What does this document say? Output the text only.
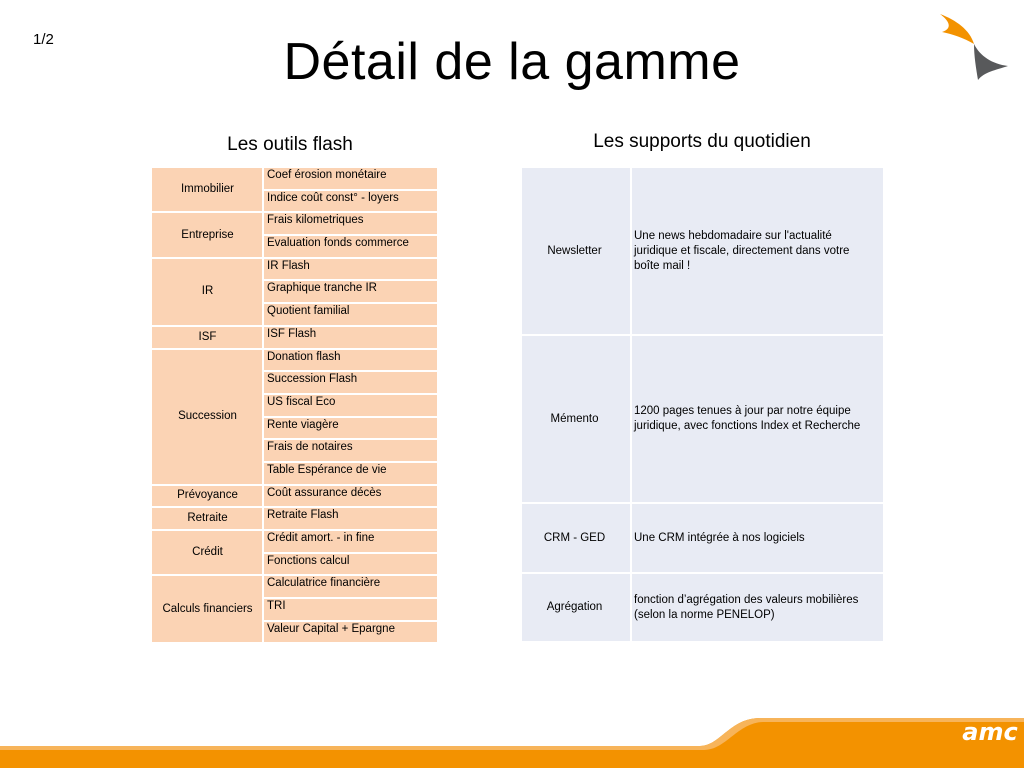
1/2	Détail de la gamme
Les outils flash	Les supports du quotidien
Immobilier	Coef érosion monétaire
	Indice coût const° - loyers
Entreprise	Frais kilometriques
	Evaluation fonds commerce
IR	IR Flash
	Graphique tranche IR
	Quotient familial
ISF	ISF Flash
Succession	Donation flash
	Succession Flash
	US fiscal Eco
	Rente viagère
	Frais de notaires
	Table Espérance de vie
Prévoyance	Coût assurance décès
Retraite	Retraite Flash
Crédit	Crédit amort. - in fine
	Fonctions calcul
Calculs financiers	Calculatrice financière
	TRI
	Valeur Capital + Epargne
Newsletter	Une news hebdomadaire sur l'actualité juridique et fiscale, directement dans votre boîte mail !
Mémento	1200 pages tenues à jour par notre équipe juridique, avec fonctions Index et Recherche
CRM - GED	Une CRM intégrée à nos logiciels
Agrégation	fonction d’agrégation des valeurs mobilières (selon la norme PENELOP)
amc
